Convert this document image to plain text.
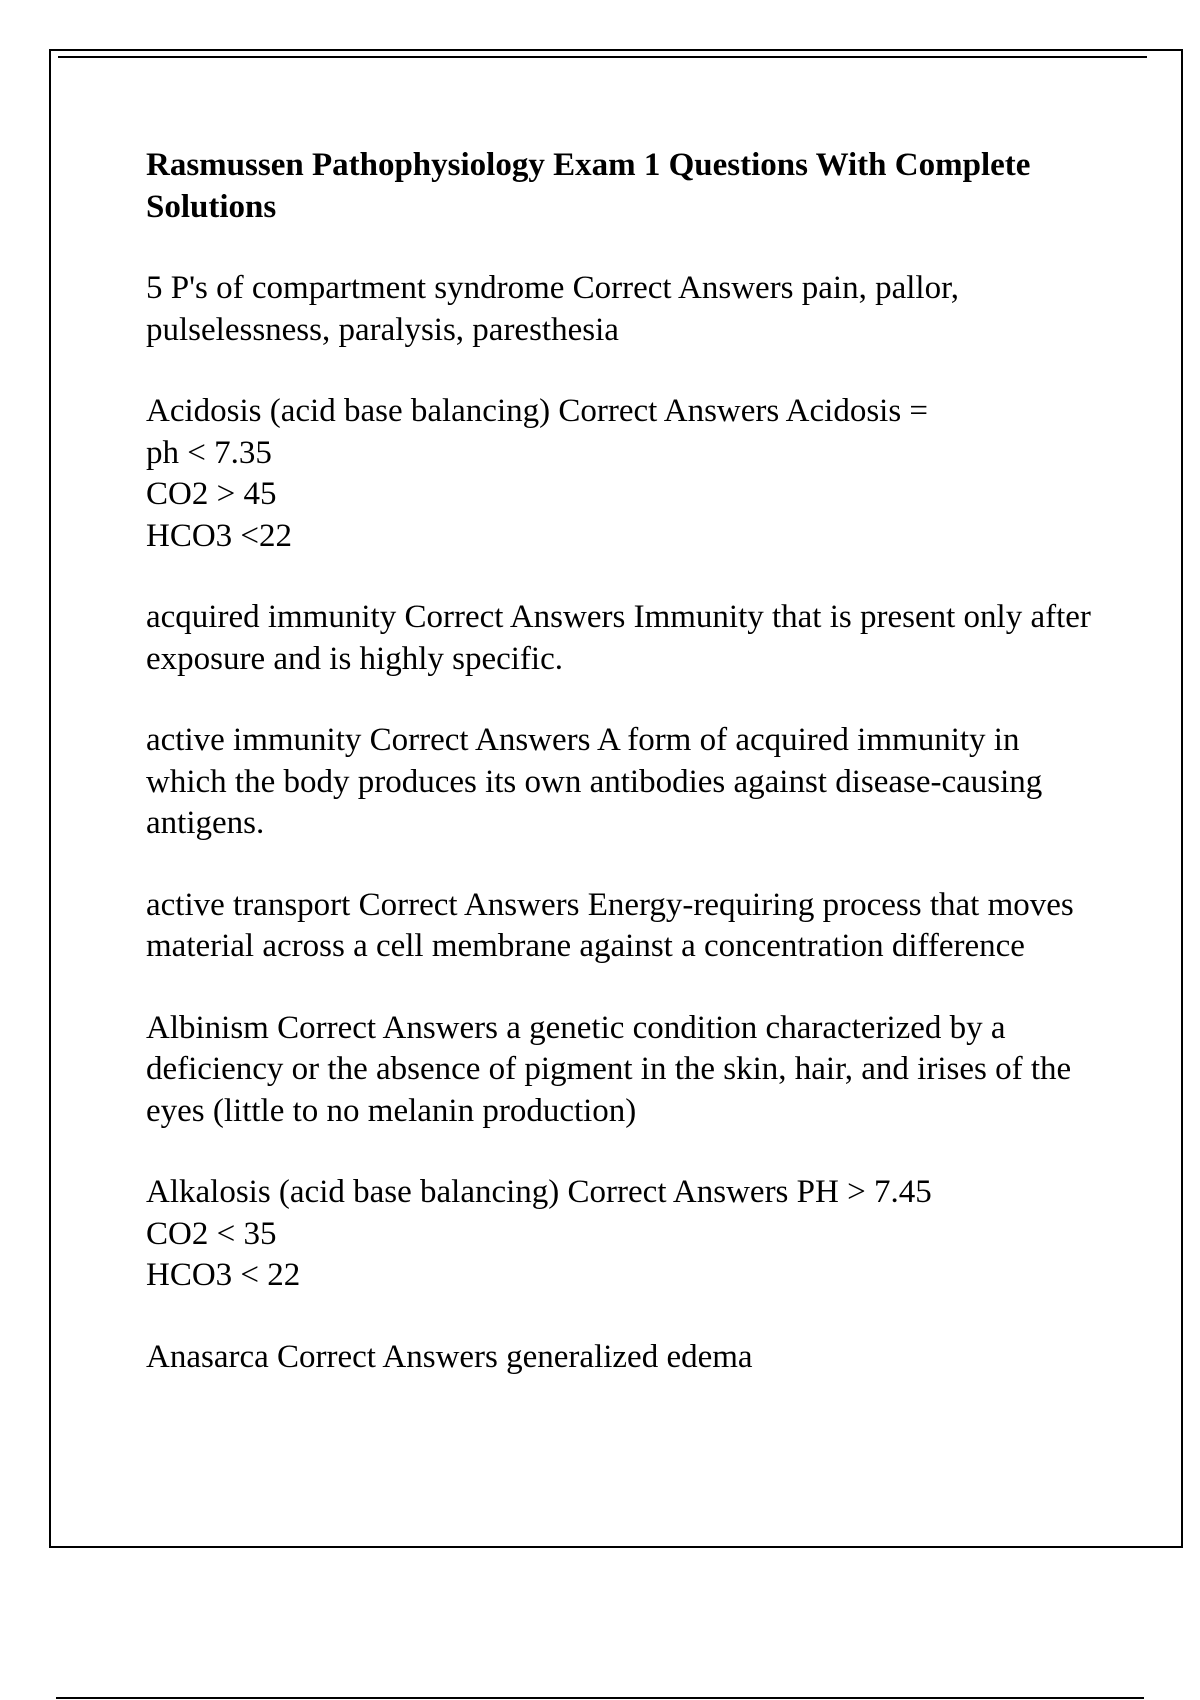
Rasmussen Pathophysiology Exam 1 Questions With Complete Solutions

5 P's of compartment syndrome Correct Answers pain, pallor, pulselessness, paralysis, paresthesia

Acidosis (acid base balancing) Correct Answers Acidosis =
ph < 7.35
CO2 > 45
HCO3 <22

acquired immunity Correct Answers Immunity that is present only after exposure and is highly specific.

active immunity Correct Answers A form of acquired immunity in which the body produces its own antibodies against disease-causing antigens.

active transport Correct Answers Energy-requiring process that moves material across a cell membrane against a concentration difference

Albinism Correct Answers a genetic condition characterized by a deficiency or the absence of pigment in the skin, hair, and irises of the eyes (little to no melanin production)

Alkalosis (acid base balancing) Correct Answers PH > 7.45
CO2 < 35
HCO3 < 22

Anasarca Correct Answers generalized edema
